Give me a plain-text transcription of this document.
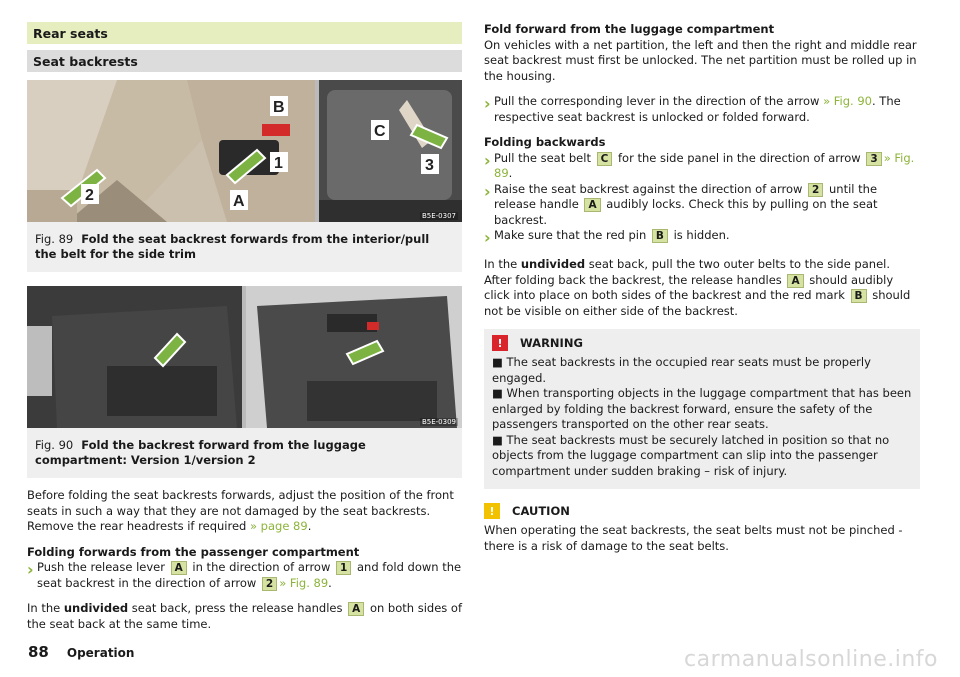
Rear seats
Seat backrests
B
C
1	3
2	A
B5E-0307
Fig. 89 Fold the seat backrest forwards from the interior/pull the belt for the side trim
B5E-0309
Fig. 90 Fold the backrest forward from the luggage compartment: Version 1/version 2

Before folding the seat backrests forwards, adjust the position of the front seats in such a way that they are not damaged by the seat backrests. Remove the rear headrests if required » page 89.

Folding forwards from the passenger compartment

› Push the release lever A in the direction of arrow 1 and fold down the seat backrest in the direction of arrow 2 » Fig. 89.

In the undivided seat back, press the release handles A on both sides of the seat back at the same time.

Fold forward from the luggage compartment

On vehicles with a net partition, the left and then the right and middle rear seat backrest must first be unlocked. The net partition must be rolled up in the housing.

› Pull the corresponding lever in the direction of the arrow » Fig. 90. The respective seat backrest is unlocked or folded forward.

Folding backwards

› Pull the seat belt C for the side panel in the direction of arrow 3 » Fig. 89.

› Raise the seat backrest against the direction of arrow 2 until the release handle A audibly locks. Check this by pulling on the seat backrest.

› Make sure that the red pin B is hidden.

In the undivided seat back, pull the two outer belts to the side panel. After folding back the backrest, the release handles A should audibly click into place on both sides of the backrest and the red mark B should not be visible on either side of the backrest.

!	WARNING

■ The seat backrests in the occupied rear seats must be properly engaged.

■ When transporting objects in the luggage compartment that has been enlarged by folding the backrest forward, ensure the safety of the passengers transported on the other rear seats.

■ The seat backrests must be securely latched in position so that no objects from the luggage compartment can slip into the passenger compartment under sudden braking – risk of injury.

!	CAUTION

When operating the seat backrests, the seat belts must not be pinched - there is a risk of damage to the seat belts.

88 Operation	carmanualsonline.info
